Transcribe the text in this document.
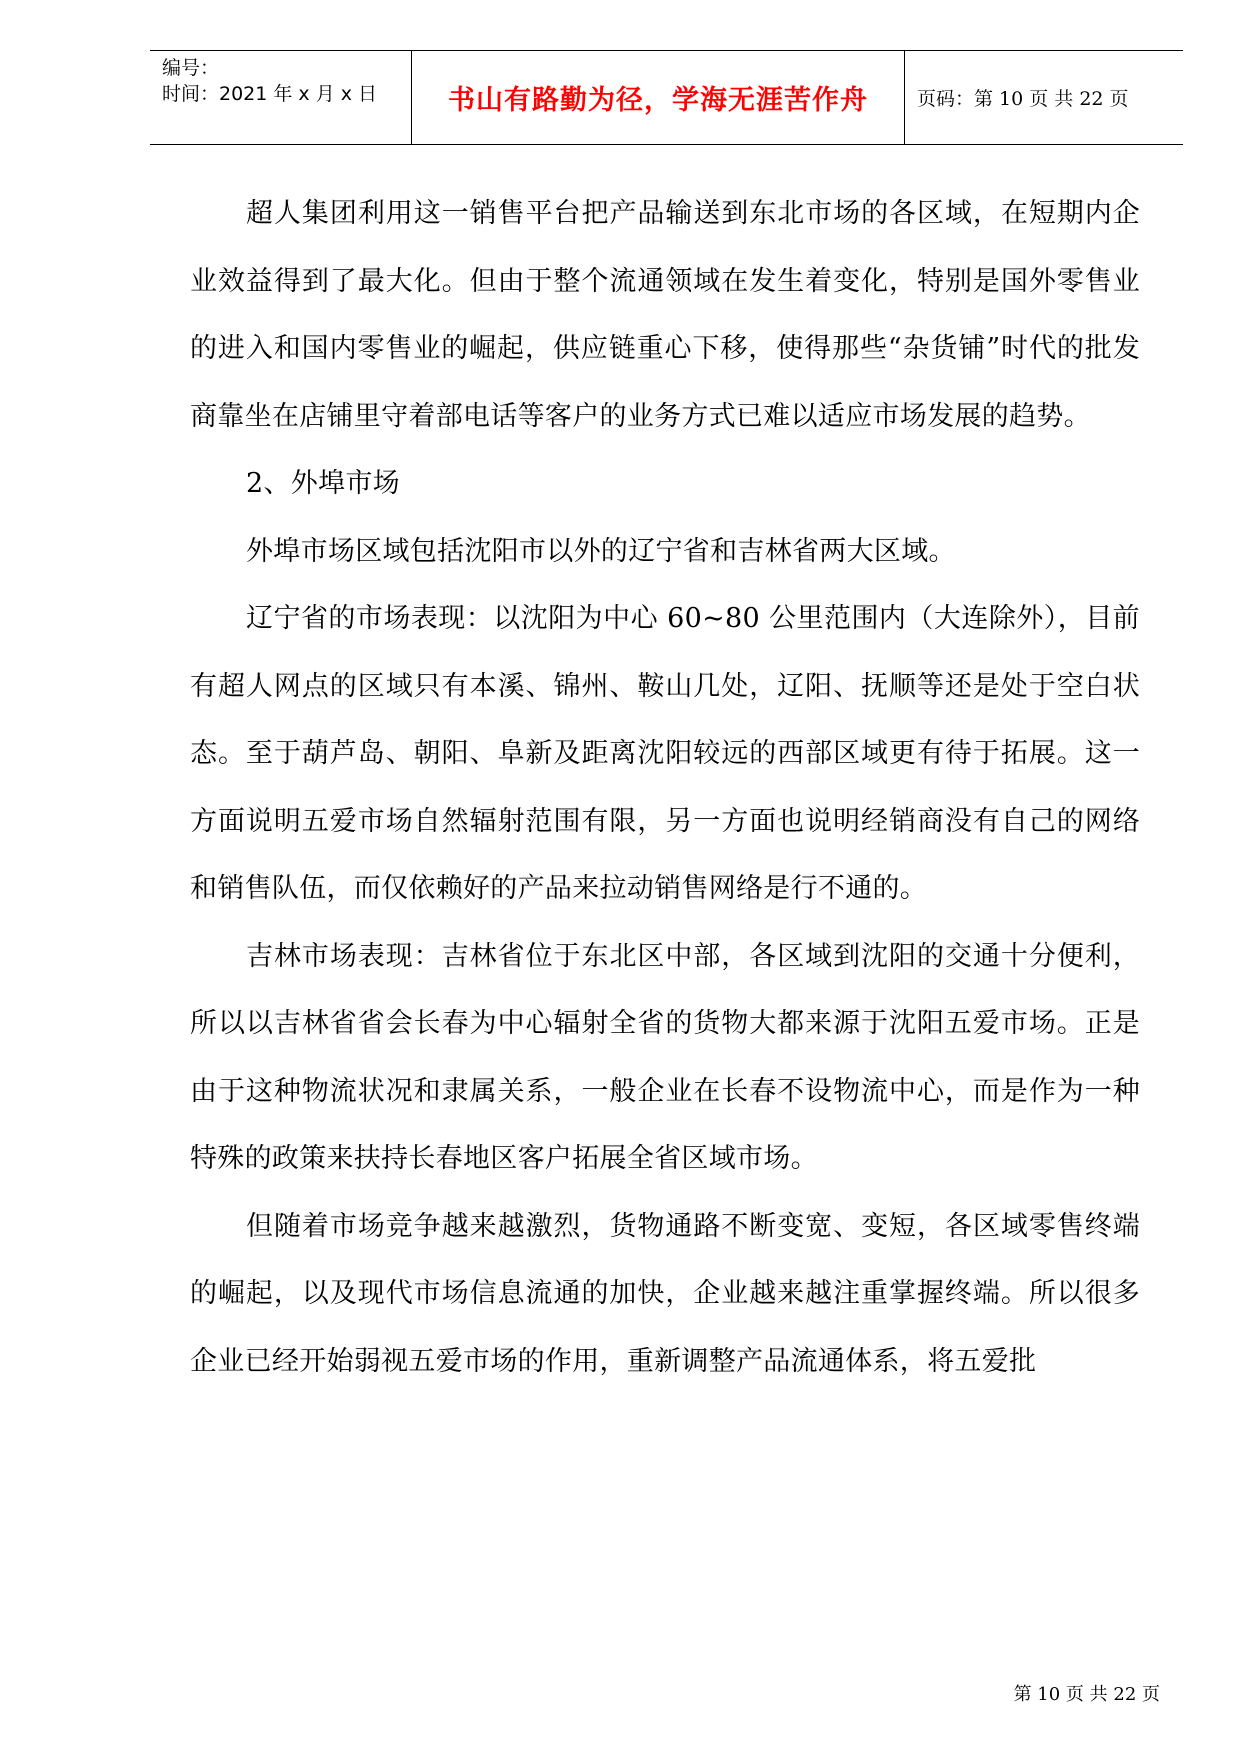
编号：
时间：2021 年 x 月 x 日	书山有路勤为径，学海无涯苦作舟	页码：第 10 页 共 22 页

超人集团利用这一销售平台把产品输送到东北市场的各区域，在短期内企业效益得到了最大化。但由于整个流通领域在发生着变化，特别是国外零售业的进入和国内零售业的崛起，供应链重心下移，使得那些“杂货铺”时代的批发商靠坐在店铺里守着部电话等客户的业务方式已难以适应市场发展的趋势。

2、外埠市场

外埠市场区域包括沈阳市以外的辽宁省和吉林省两大区域。

辽宁省的市场表现：以沈阳为中心 60~80 公里范围内（大连除外），目前有超人网点的区域只有本溪、锦州、鞍山几处，辽阳、抚顺等还是处于空白状态。至于葫芦岛、朝阳、阜新及距离沈阳较远的西部区域更有待于拓展。这一方面说明五爱市场自然辐射范围有限，另一方面也说明经销商没有自己的网络和销售队伍，而仅依赖好的产品来拉动销售网络是行不通的。

吉林市场表现：吉林省位于东北区中部，各区域到沈阳的交通十分便利，所以以吉林省省会长春为中心辐射全省的货物大都来源于沈阳五爱市场。正是由于这种物流状况和隶属关系，一般企业在长春不设物流中心，而是作为一种特殊的政策来扶持长春地区客户拓展全省区域市场。

但随着市场竞争越来越激烈，货物通路不断变宽、变短，各区域零售终端的崛起，以及现代市场信息流通的加快，企业越来越注重掌握终端。所以很多企业已经开始弱视五爱市场的作用，重新调整产品流通体系，将五爱批

第 10 页 共 22 页
